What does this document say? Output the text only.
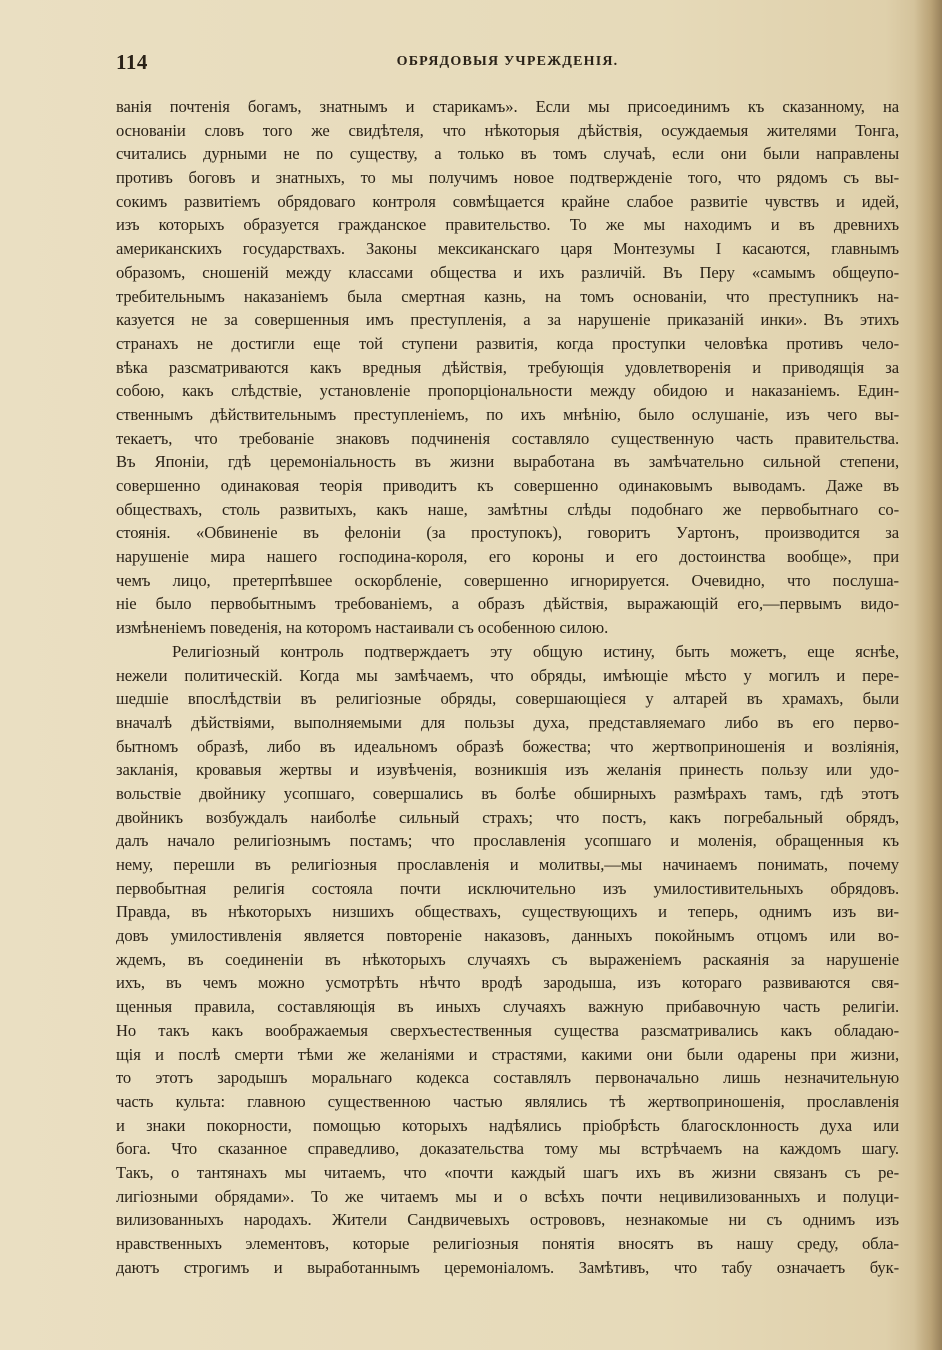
114	ОБРЯДОВЫЯ УЧРЕЖДЕНІЯ.
ванія почтенія богамъ, знатнымъ и старикамъ». Если мы присоединимъ къ сказанному, на
основаніи словъ того же свидѣтеля, что нѣкоторыя дѣйствія, осуждаемыя жителями Тонга,
считались дурными не по существу, а только въ томъ случаѣ, если они были направлены
противъ боговъ и знатныхъ, то мы получимъ новое подтвержденіе того, что рядомъ съ вы-
сокимъ развитіемъ обрядоваго контроля совмѣщается крайне слабое развитіе чувствъ и идей,
изъ которыхъ образуется гражданское правительство. То же мы находимъ и въ древнихъ
американскихъ государствахъ. Законы мексиканскаго царя Монтезумы I касаются, главнымъ
образомъ, сношеній между классами общества и ихъ различій. Въ Перу «самымъ общеупо-
требительнымъ наказаніемъ была смертная казнь, на томъ основаніи, что преступникъ на-
казуется не за совершенныя имъ преступленія, а за нарушеніе приказаній инки». Въ этихъ
странахъ не достигли еще той ступени развитія, когда проступки человѣка противъ чело-
вѣка разсматриваются какъ вредныя дѣйствія, требующія удовлетворенія и приводящія за
собою, какъ слѣдствіе, установленіе пропорціональности между обидою и наказаніемъ. Един-
ственнымъ дѣйствительнымъ преступленіемъ, по ихъ мнѣнію, было ослушаніе, изъ чего вы-
текаетъ, что требованіе знаковъ подчиненія составляло существенную часть правительства.
Въ Японіи, гдѣ церемоніальность въ жизни выработана въ замѣчательно сильной степени,
совершенно одинаковая теорія приводитъ къ совершенно одинаковымъ выводамъ. Даже въ
обществахъ, столь развитыхъ, какъ наше, замѣтны слѣды подобнаго же первобытнаго со-
стоянія. «Обвиненіе въ фелоніи (за проступокъ), говоритъ Уартонъ, производится за
нарушеніе мира нашего господина-короля, его короны и его достоинства вообще», при
чемъ лицо, претерпѣвшее оскорбленіе, совершенно игнорируется. Очевидно, что послуша-
ніе было первобытнымъ требованіемъ, а образъ дѣйствія, выражающій его,—первымъ видо-
измѣненіемъ поведенія, на которомъ настаивали съ особенною силою.
Религіозный контроль подтверждаетъ эту общую истину, быть можетъ, еще яснѣе,
нежели политическій. Когда мы замѣчаемъ, что обряды, имѣющіе мѣсто у могилъ и пере-
шедшіе впослѣдствіи въ религіозные обряды, совершающіеся у алтарей въ храмахъ, были
вначалѣ дѣйствіями, выполняемыми для пользы духа, представляемаго либо въ его перво-
бытномъ образѣ, либо въ идеальномъ образѣ божества; что жертвоприношенія и возліянія,
закланія, кровавыя жертвы и изувѣченія, возникшія изъ желанія принесть пользу или удо-
вольствіе двойнику усопшаго, совершались въ болѣе обширныхъ размѣрахъ тамъ, гдѣ этотъ
двойникъ возбуждалъ наиболѣе сильный страхъ; что постъ, какъ погребальный обрядъ,
далъ начало религіознымъ постамъ; что прославленія усопшаго и моленія, обращенныя къ
нему, перешли въ религіозныя прославленія и молитвы,—мы начинаемъ понимать, почему
первобытная религія состояла почти исключительно изъ умилостивительныхъ обрядовъ.
Правда, въ нѣкоторыхъ низшихъ обществахъ, существующихъ и теперь, однимъ изъ ви-
довъ умилостивленія является повтореніе наказовъ, данныхъ покойнымъ отцомъ или во-
ждемъ, въ соединеніи въ нѣкоторыхъ случаяхъ съ выраженіемъ раскаянія за нарушеніе
ихъ, въ чемъ можно усмотрѣть нѣчто вродѣ зародыша, изъ котораго развиваются свя-
щенныя правила, составляющія въ иныхъ случаяхъ важную прибавочную часть религіи.
Но такъ какъ воображаемыя сверхъестественныя существа разсматривались какъ обладаю-
щія и послѣ смерти тѣми же желаніями и страстями, какими они были одарены при жизни,
то этотъ зародышъ моральнаго кодекса составлялъ первоначально лишь незначительную
часть культа: главною существенною частью являлись тѣ жертвоприношенія, прославленія
и знаки покорности, помощью которыхъ надѣялись пріобрѣсть благосклонность духа или
бога. Что сказанное справедливо, доказательства тому мы встрѣчаемъ на каждомъ шагу.
Такъ, о тантянахъ мы читаемъ, что «почти каждый шагъ ихъ въ жизни связанъ съ ре-
лигіозными обрядами». То же читаемъ мы и о всѣхъ почти нецивилизованныхъ и полуци-
вилизованныхъ народахъ. Жители Сандвичевыхъ острововъ, незнакомые ни съ однимъ изъ
нравственныхъ элементовъ, которые религіозныя понятія вносятъ въ нашу среду, обла-
даютъ строгимъ и выработаннымъ церемоніаломъ. Замѣтивъ, что табу означаетъ бук-
